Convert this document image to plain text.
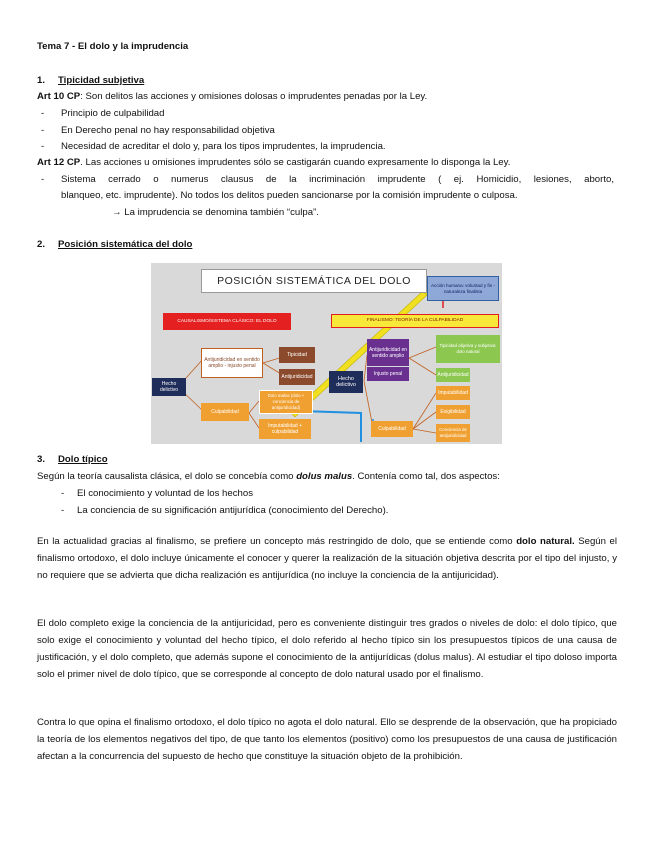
Tema 7 - El dolo y la imprudencia
1. Tipicidad subjetiva
Art 10 CP: Son delitos las acciones y omisiones dolosas o imprudentes penadas por la Ley.
- Principio de culpabilidad
- En Derecho penal no hay responsabilidad objetiva
- Necesidad de acreditar el dolo y, para los tipos imprudentes, la imprudencia.
Art 12 CP. Las acciones u omisiones imprudentes sólo se castigarán cuando expresamente lo disponga la Ley.
- Sistema cerrado o numerus clausus de la incriminación imprudente ( ej. Homicidio, lesiones, aborto,
blanqueo, etc. imprudente). No todos los delitos pueden sancionarse por la comisión imprudente o culposa.
→ La imprudencia se denomina también “culpa”.
2. Posición sistemática del dolo
POSICIÓN SISTEMÁTICA DEL DOLO	Acción humana: voluntad y fin - naturaleza finalista
CAUSALISMO/SISTEMA CLÁSICO: EL DOLO	FINALISMO: TEORÍA DE LA CULPABILIDAD
Hecho delictivo
Antijuridicidad en sentido amplio - injusto penal
Tipicidad
Antijuridicidad
Culpabilidad
Dolo malus (dolo + conciencia de antijuridicidad)
Imputabilidad + culpabilidad
Hecho delictivo
Antijuridicidad en sentido amplio
Injusto penal
Tipicidad objetiva y subjetiva: dolo natural
Antijuridicidad
Culpabilidad
Imputabilidad
Exigibilidad
Conciencia de antijuridicidad
3. Dolo típico
Según la teoría causalista clásica, el dolo se concebía como dolus malus. Contenía como tal, dos aspectos:
- El conocimiento y voluntad de los hechos
- La conciencia de su significación antijurídica (conocimiento del Derecho).

En la actualidad gracias al finalismo, se prefiere un concepto más restringido de dolo, que se entiende como dolo natural. Según el finalismo ortodoxo, el dolo incluye únicamente el conocer y querer la realización de la situación objetiva descrita por el tipo del injusto, y no requiere que se advierta que dicha realización es antijurídica (no incluye la conciencia de la antijuricidad).

El dolo completo exige la conciencia de la antijuricidad, pero es conveniente distinguir tres grados o niveles de dolo: el dolo típico, que solo exige el conocimiento y voluntad del hecho típico, el dolo referido al hecho típico sin los presupuestos típicos de una causa de justificación, y el dolo completo, que además supone el conocimiento de la antijurídicas (dolus malus). Al estudiar el tipo doloso importa solo el primer nivel de dolo típico, que se corresponde al concepto de dolo natural usado por el finalismo.

Contra lo que opina el finalismo ortodoxo, el dolo típico no agota el dolo natural. Ello se desprende de la observación, que ha propiciado la teoría de los elementos negativos del tipo, de que tanto los elementos (positivo) como los presupuestos de una causa de justificación afectan a la concurrencia del supuesto de hecho que constituye la situación objeto de la prohibición.
